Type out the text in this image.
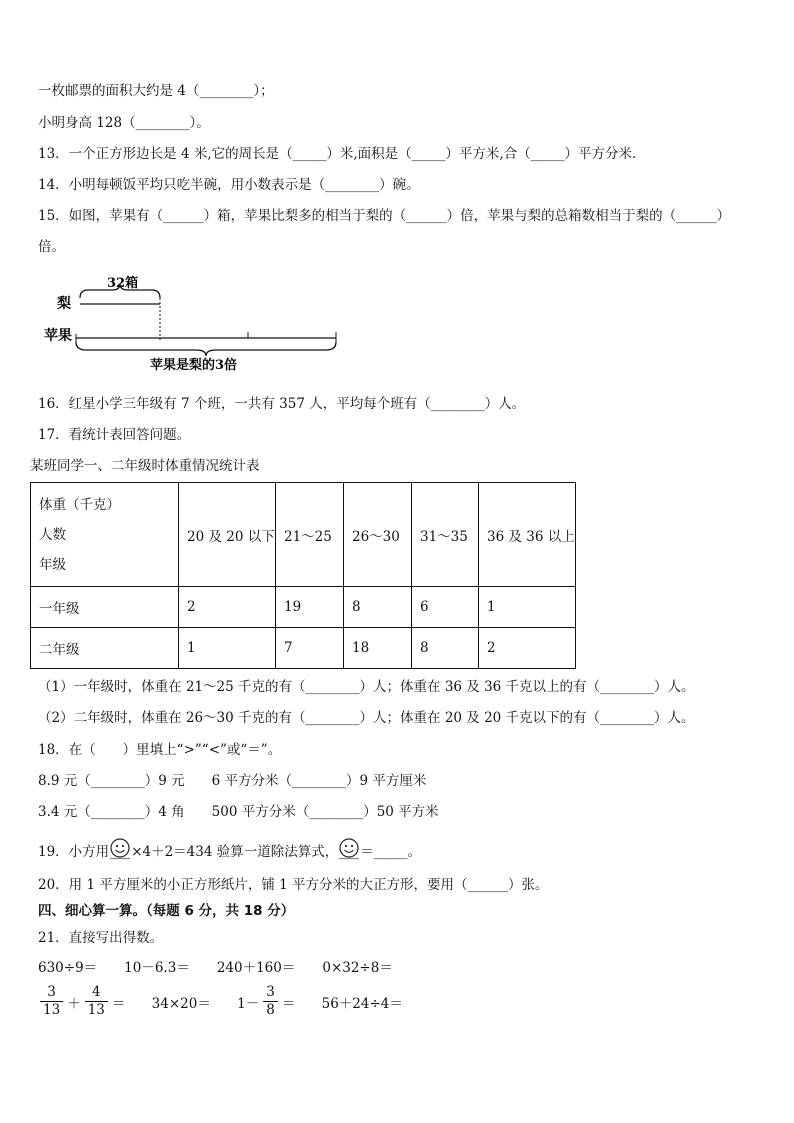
一枚邮票的面积大约是 4（________）；
小明身高 128（________）。
13．一个正方形边长是 4 米,它的周长是（_____）米,面积是（_____）平方米,合（_____）平方分米．
14．小明每顿饭平均只吃半碗，用小数表示是（________）碗。
15．如图，苹果有（______）箱，苹果比梨多的相当于梨的（______）倍，苹果与梨的总箱数相当于梨的（______）
倍。
32箱
梨
苹果
苹果是梨的3倍
16．红星小学三年级有 7 个班，一共有 357 人，平均每个班有（________）人。
17．看统计表回答问题。
某班同学一、二年级时体重情况统计表
体重（千克）
人数
年级	20 及 20 以下	21～25	26～30	31～35	36 及 36 以上
一年级	2	19	8	6	1
二年级	1	7	18	8	2
（1）一年级时，体重在 21～25 千克的有（________）人；体重在 36 及 36 千克以上的有（________）人。
（2）二年级时，体重在 26～30 千克的有（________）人；体重在 20 及 20 千克以下的有（________）人。
18．在（　　）里填上“>”“<”或“＝”。
8.9 元（________）9 元　　6 平方分米（________）9 平方厘米
3.4 元（________）4 角　　500 平方分米（________）50 平方米
19．小方用 ×4＋2＝434 验算一道除法算式， ＝_____。
20．用 1 平方厘米的小正方形纸片，铺 1 平方分米的大正方形，要用（______）张。
四、细心算一算。（每题 6 分，共 18 分）
21．直接写出得数。
630÷9＝　　10－6.3＝　　240＋160＝　　0×32÷8＝
$\frac{3}{13} + \frac{4}{13} = 34\times 20= 1- \frac{3}{8} = 56+24\div 4=$
